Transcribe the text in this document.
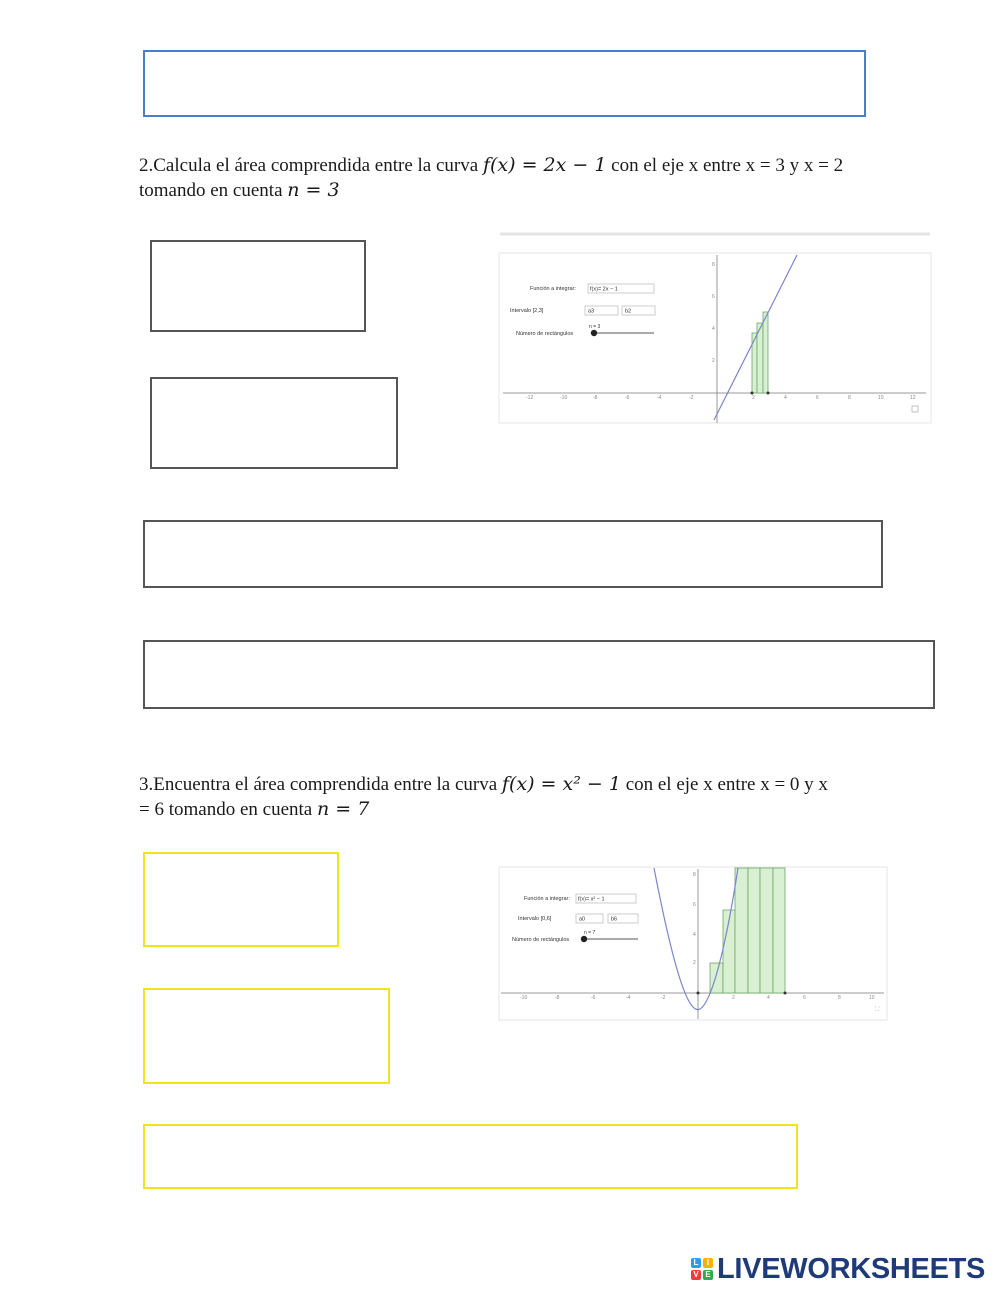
2.Calcula el área comprendida entre la curva f(x) = 2x − 1 con el eje x entre x = 3 y x = 2
tomando en cuenta n = 3
-12	-10	-8	-6	-4	-2	2	4	6	8	10	12
8
6
4
2
Función a integrar:	f(x)= 2x − 1
Intervalo [2,3]	a3	b2
Número de rectángulos
n = 3
3.Encuentra el área comprendida entre la curva f(x) = x² − 1 con el eje x entre x = 0 y x
= 6 tomando en cuenta n = 7
-10	-8	-6	-4	-2	2	4	6	8	10
8
6
4
2
Función a integrar: f(x)= x² − 1
Intervalo [0,6]	a0	b6
Número de rectángulos
n = 7
⛶
L	I
V E LIVEWORKSHEETS
